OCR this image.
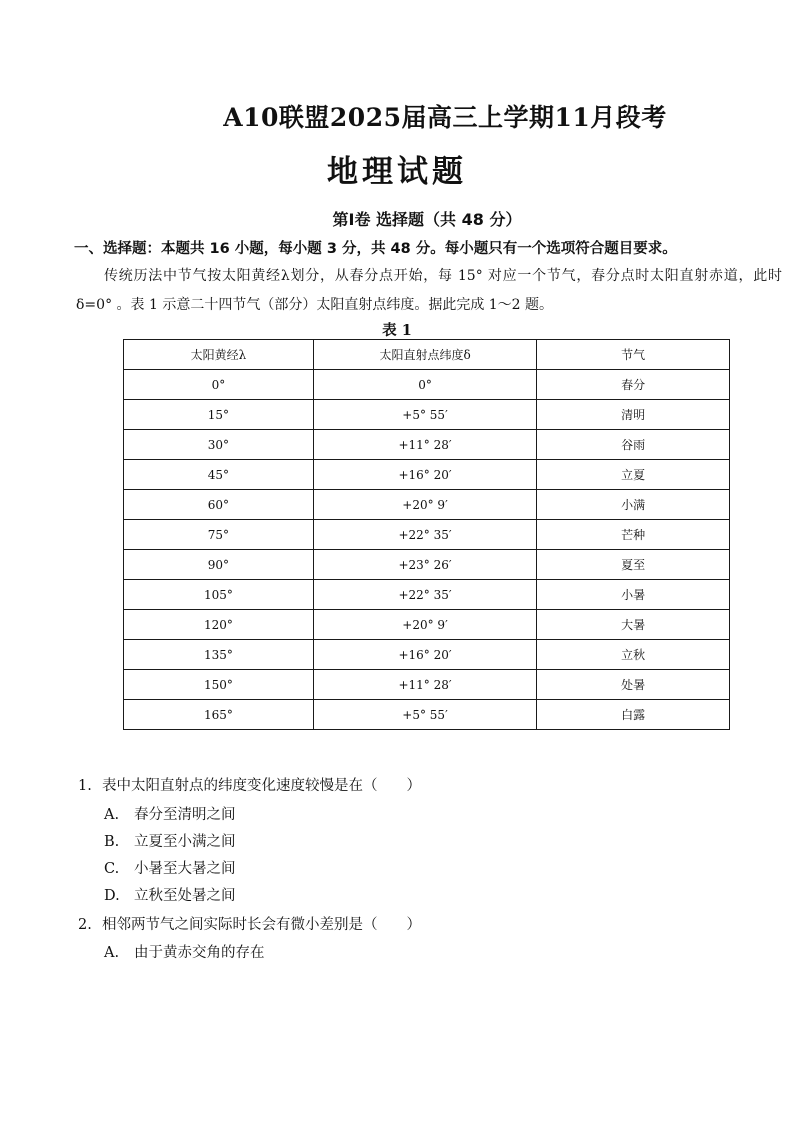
A10联盟2025届高三上学期11月段考
地理试题
第Ⅰ卷 选择题（共 48 分）
一、选择题：本题共 16 小题，每小题 3 分，共 48 分。每小题只有一个选项符合题目要求。

传统历法中节气按太阳黄经λ划分，从春分点开始，每 15° 对应一个节气，春分点时太阳直射赤道，此时 δ=0° 。表 1 示意二十四节气（部分）太阳直射点纬度。据此完成 1～2 题。

表 1
太阳黄经λ	太阳直射点纬度δ	节气
0°	0°	春分
15°	+5° 55′	清明
30°	+11° 28′	谷雨
45°	+16° 20′	立夏
60°	+20° 9′	小满
75°	+22° 35′	芒种
90°	+23° 26′	夏至
105°	+22° 35′	小暑
120°	+20° 9′	大暑
135°	+16° 20′	立秋
150°	+11° 28′	处暑
165°	+5° 55′	白露
1. 表中太阳直射点的纬度变化速度较慢是在（　　）
A. 春分至清明之间
B. 立夏至小满之间
C. 小暑至大暑之间
D. 立秋至处暑之间
2. 相邻两节气之间实际时长会有微小差别是（　　）
A. 由于黄赤交角的存在
